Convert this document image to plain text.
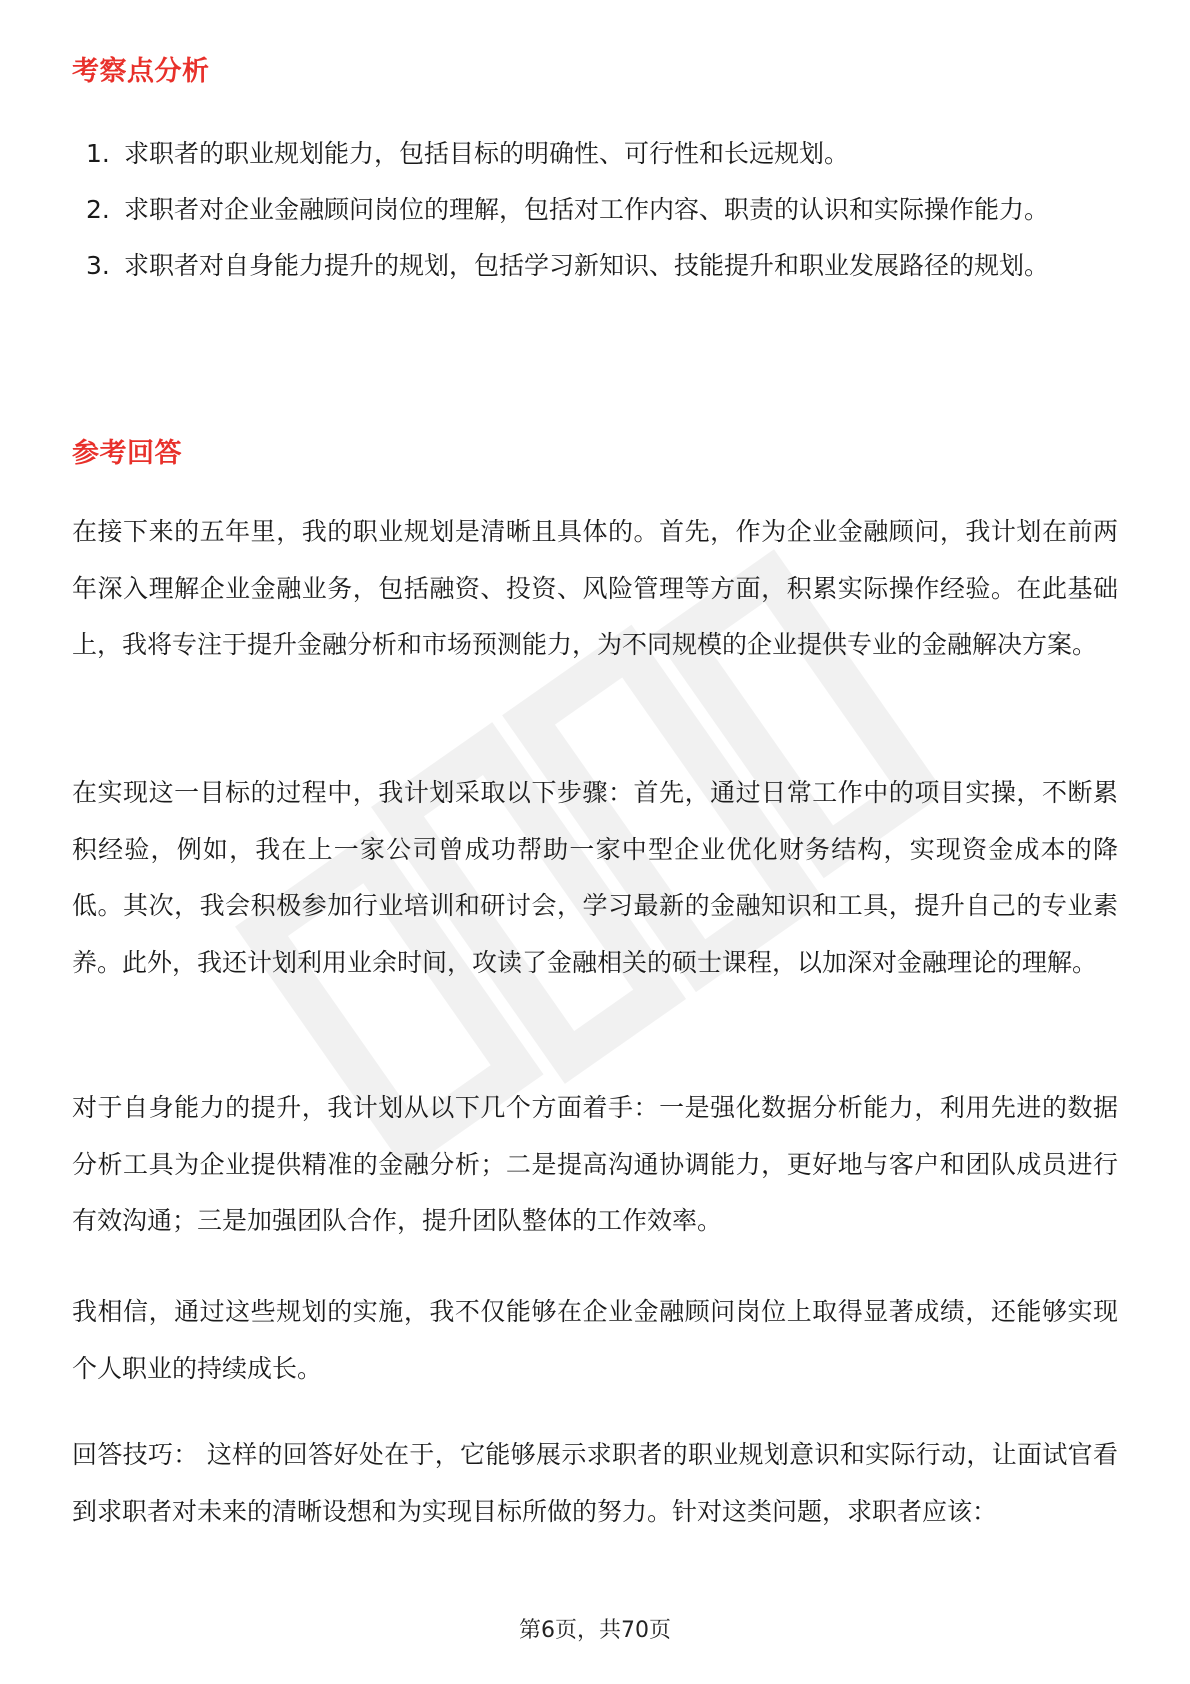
考察点分析
1. 求职者的职业规划能力，包括目标的明确性、可行性和长远规划。
2. 求职者对企业金融顾问岗位的理解，包括对工作内容、职责的认识和实际操作能力。
3. 求职者对自身能力提升的规划，包括学习新知识、技能提升和职业发展路径的规划。
参考回答

在接下来的五年里，我的职业规划是清晰且具体的。首先，作为企业金融顾问，我计划在前两年深入理解企业金融业务，包括融资、投资、风险管理等方面，积累实际操作经验。在此基础上，我将专注于提升金融分析和市场预测能力，为不同规模的企业提供专业的金融解决方案。

在实现这一目标的过程中，我计划采取以下步骤：首先，通过日常工作中的项目实操，不断累积经验，例如，我在上一家公司曾成功帮助一家中型企业优化财务结构，实现资金成本的降低。其次，我会积极参加行业培训和研讨会，学习最新的金融知识和工具，提升自己的专业素养。此外，我还计划利用业余时间，攻读了金融相关的硕士课程，以加深对金融理论的理解。

对于自身能力的提升，我计划从以下几个方面着手：一是强化数据分析能力，利用先进的数据分析工具为企业提供精准的金融分析；二是提高沟通协调能力，更好地与客户和团队成员进行有效沟通；三是加强团队合作，提升团队整体的工作效率。

我相信，通过这些规划的实施，我不仅能够在企业金融顾问岗位上取得显著成绩，还能够实现个人职业的持续成长。

回答技巧： 这样的回答好处在于，它能够展示求职者的职业规划意识和实际行动，让面试官看到求职者对未来的清晰设想和为实现目标所做的努力。针对这类问题，求职者应该：

第6页，共70页
